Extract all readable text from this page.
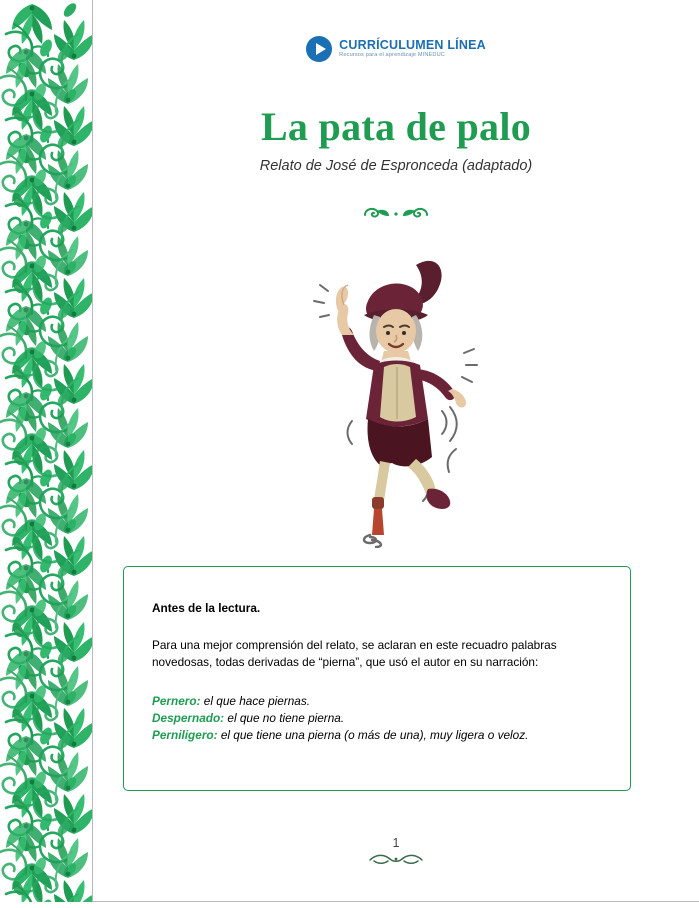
CURRÍCULUMEN LÍNEA
Recursos para el aprendizaje MINEDUC
La pata de palo
Relato de José de Espronceda (adaptado)
Antes de la lectura.

Para una mejor comprensión del relato, se aclaran en este recuadro palabras novedosas, todas derivadas de “pierna”, que usó el autor en su narración:

Pernero: el que hace piernas.
Despernado: el que no tiene pierna.
Perniligero: el que tiene una pierna (o más de una), muy ligera o veloz.
1
